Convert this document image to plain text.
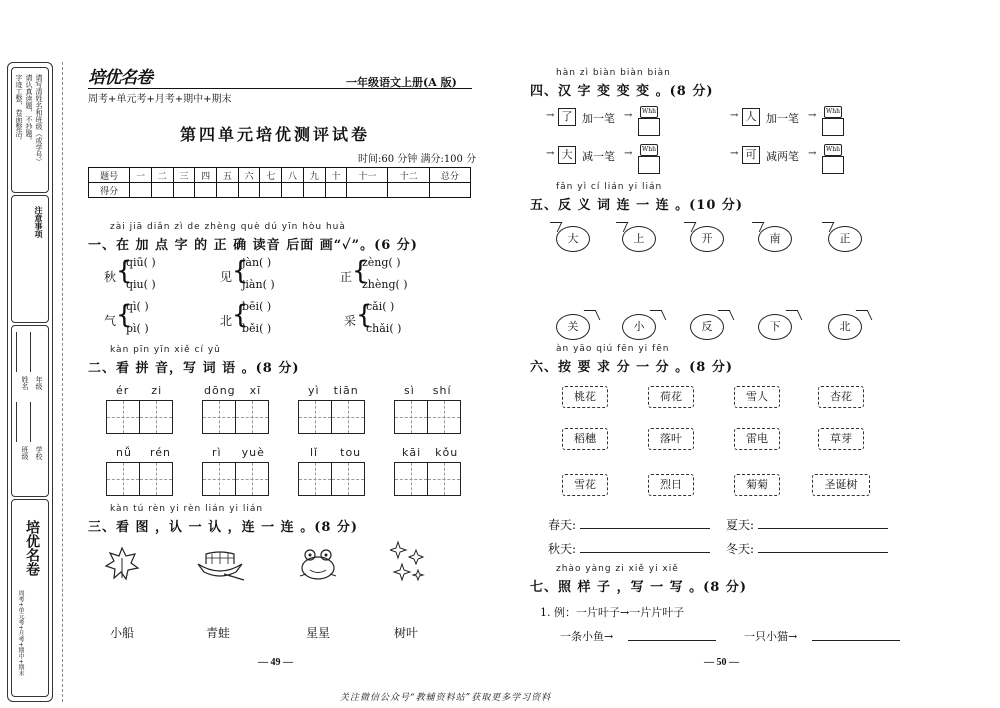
请写清姓名和班级（或学号）
请认真读题，不抄题。
字迹工整，卷面整洁。
注意事项
年级
姓名
学校
班级
培优名卷
周考+单元考+月考+期中+期末
培优名卷
周考+单元考+月考+期中+期末
一年级语文上册(A 版)
第四单元培优测评试卷
时间:60 分钟 满分:100 分
题号	一	二	三	四	五	六	七	八	九	十	十一	十二	总分
得分													
zài jiā diǎn zì de zhèng què dú yīn hòu huà
一、在 加 点 字 的 正 确 读音 后面 画“✓”。(6 分)
秋 {
qiū( )
qiu( )
见 {
jàn( )
jiàn( )
正 {
zèng( )
zhèng( )
气 {
qì( )
pì( )
北 {
bēi( )
běi( )
采 {
cǎi( )
chǎi( )
kàn pīn yīn xiě cí yǔ
二、看 拼 音，写 词 语 。(8 分)
ér zi	dōng xī	yì tiān	sì shí
nǚ rén	rì yuè	lǐ tou	kāi kǒu
kàn tú rèn yi rèn lián yi lián
三、看 图 ，认 一 认 ，连 一 连 。(8 分)
小船	青蛙	星星	树叶
— 49 —
hàn zì biàn biàn biàn
四、汉 字 变 变 变 。(8 分)
→ 了 加一笔 →	Whh	→ 人 加一笔 →	Whh
→ 大 减一笔 →	Whh	→ 可 减两笔 →	Whh
fǎn yì cí lián yi lián
五、反 义 词 连 一 连 。(10 分)
大	上	开	南	正
关	小	反	下	北
àn yāo qiú fēn yi fēn
六、按 要 求 分 一 分 。(8 分)
桃花	荷花	雪人	杏花
稻穗	落叶	雷电	草芽
雪花	烈日	菊菊	圣诞树
春天:	夏天:
秋天:	冬天:
zhào yàng zi xiě yi xiě
七、照 样 子 ，写 一 写 。(8 分)
1. 例：一片叶子→一片片叶子
一条小鱼→	一只小猫→
— 50 —
关注微信公众号“教辅资料站”获取更多学习资料
